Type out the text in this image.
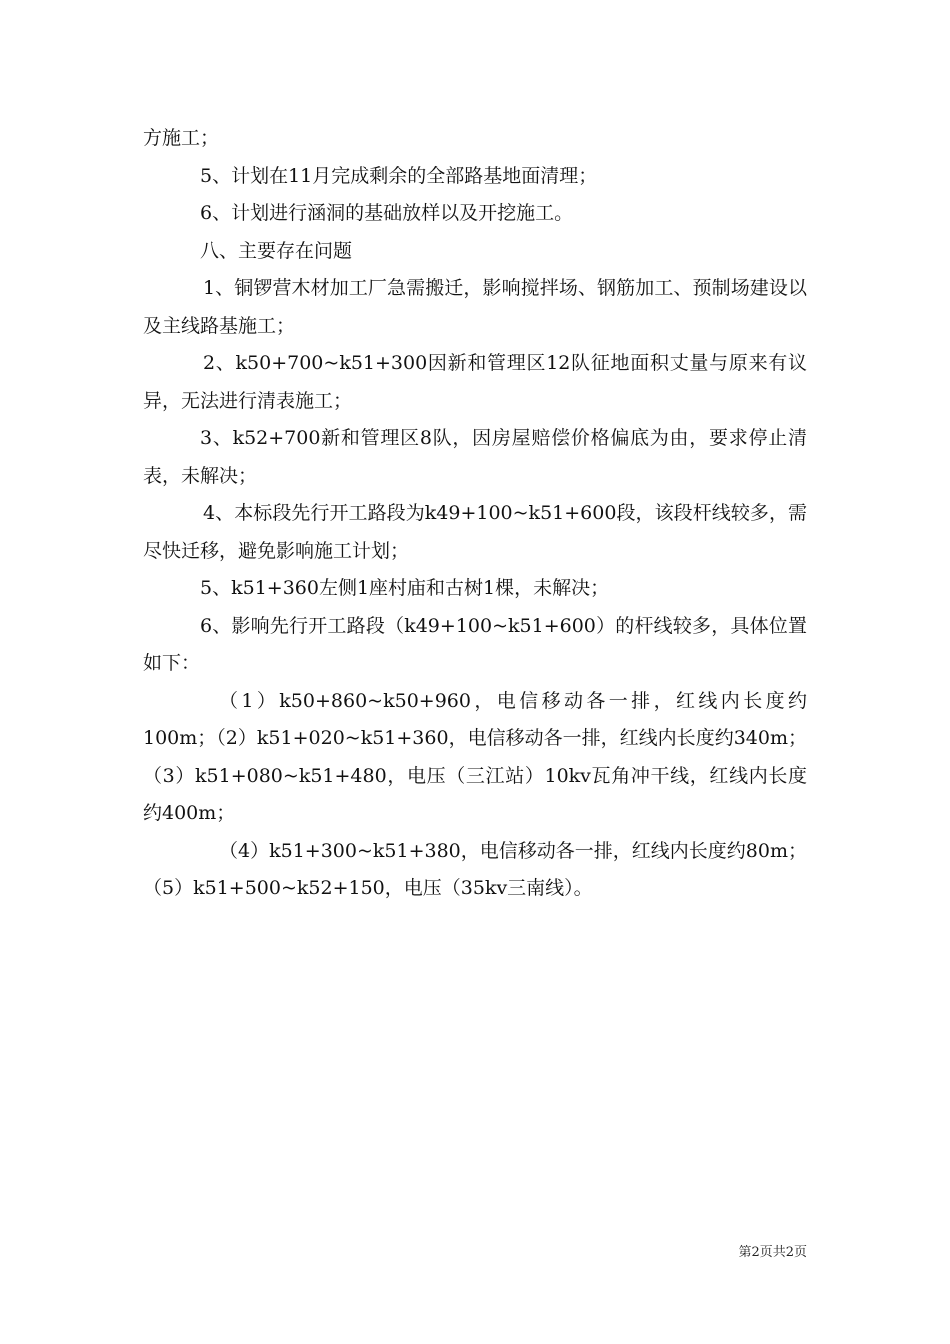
方施工；

5、计划在11月完成剩余的全部路基地面清理；

6、计划进行涵洞的基础放样以及开挖施工。

八、主要存在问题

1、铜锣营木材加工厂急需搬迁，影响搅拌场、钢筋加工、预制场建设以及主线路基施工；

2、k50+700~k51+300因新和管理区12队征地面积丈量与原来有议异，无法进行清表施工；

3、k52+700新和管理区8队，因房屋赔偿价格偏底为由，要求停止清表，未解决；

4、本标段先行开工路段为k49+100~k51+600段，该段杆线较多，需尽快迁移，避免影响施工计划；

5、k51+360左侧1座村庙和古树1棵，未解决；

6、影响先行开工路段（k49+100~k51+600）的杆线较多，具体位置如下：

（1）k50+860~k50+960，电信移动各一排，红线内长度约100m；（2）k51+020~k51+360，电信移动各一排，红线内长度约340m；（3）k51+080~k51+480，电压（三江站）10kv瓦角冲干线，红线内长度约400m；

（4）k51+300~k51+380，电信移动各一排，红线内长度约80m；（5）k51+500~k52+150，电压（35kv三南线）。

第2页共2页
